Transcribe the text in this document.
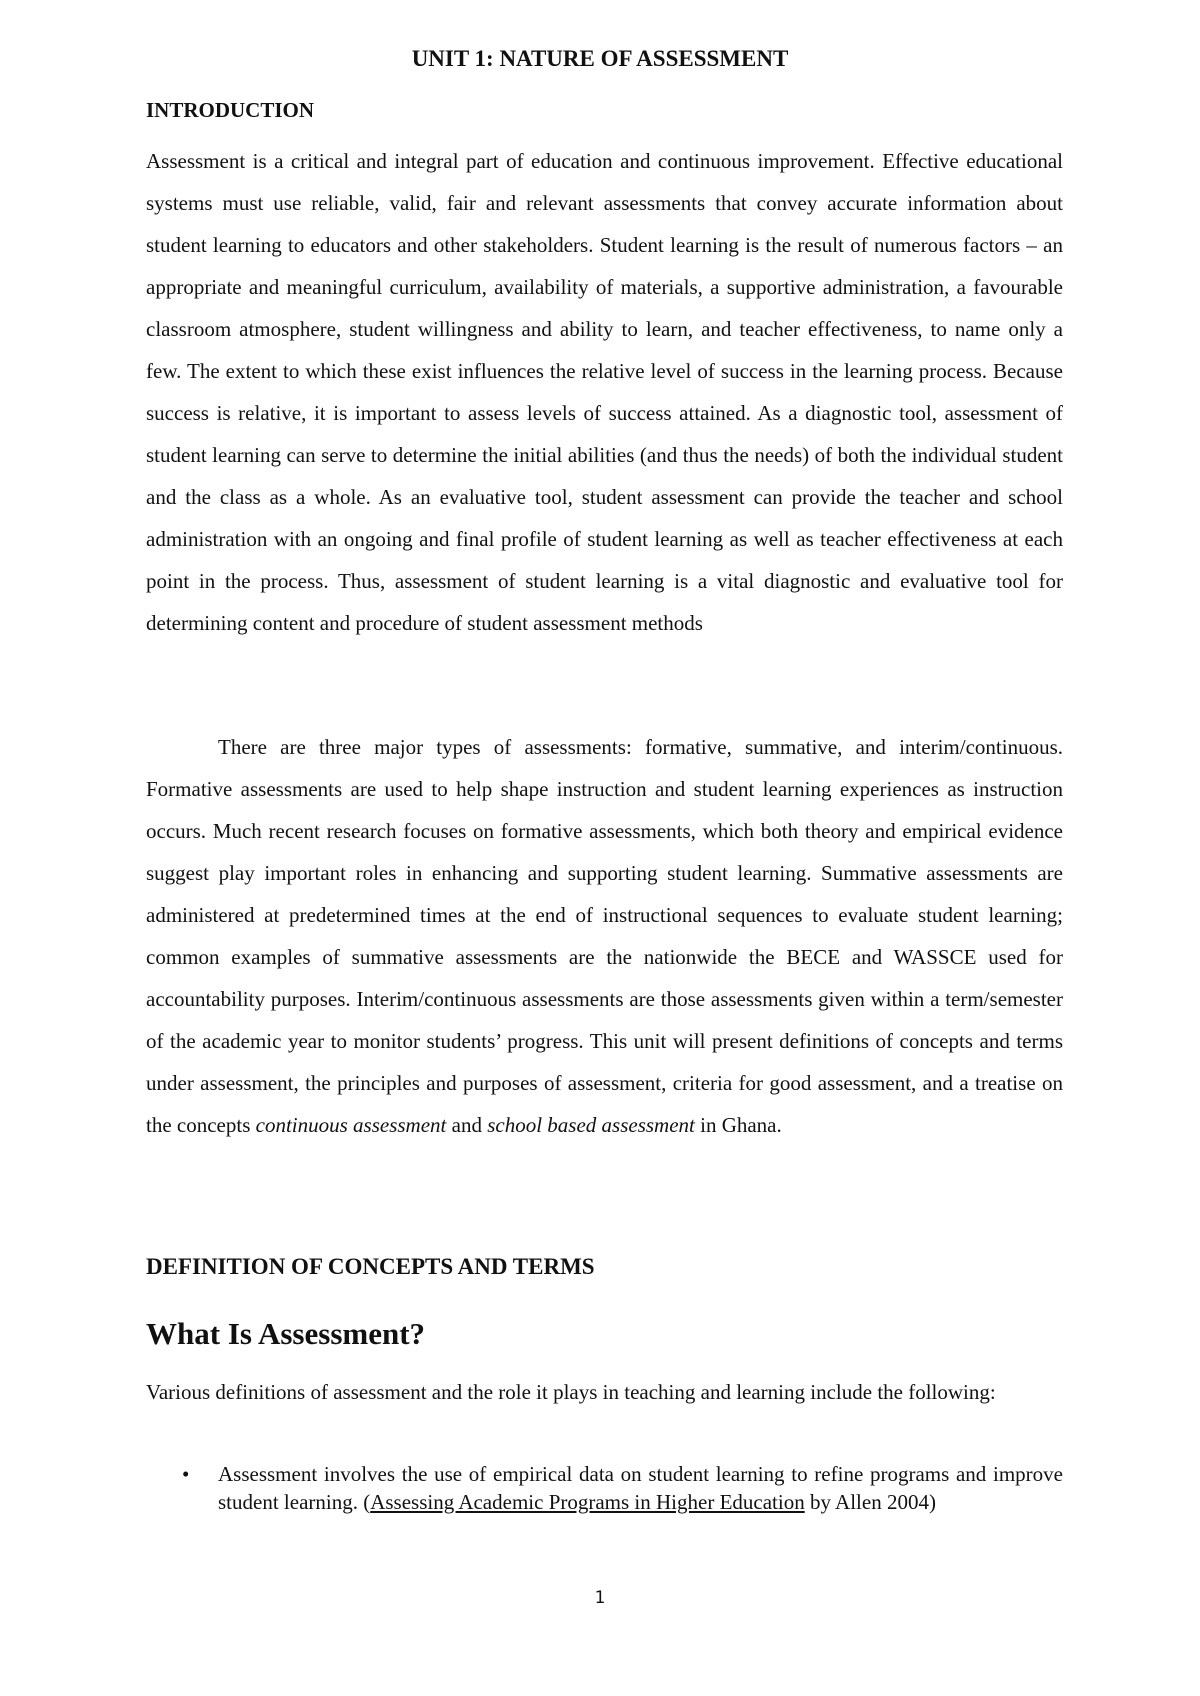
UNIT 1: NATURE OF ASSESSMENT
INTRODUCTION

Assessment is a critical and integral part of education and continuous improvement. Effective educational systems must use reliable, valid, fair and relevant assessments that convey accurate information about student learning to educators and other stakeholders. Student learning is the result of numerous factors – an appropriate and meaningful curriculum, availability of materials, a supportive administration, a favourable classroom atmosphere, student willingness and ability to learn, and teacher effectiveness, to name only a few. The extent to which these exist influences the relative level of success in the learning process. Because success is relative, it is important to assess levels of success attained. As a diagnostic tool, assessment of student learning can serve to determine the initial abilities (and thus the needs) of both the individual student and the class as a whole. As an evaluative tool, student assessment can provide the teacher and school administration with an ongoing and final profile of student learning as well as teacher effectiveness at each point in the process. Thus, assessment of student learning is a vital diagnostic and evaluative tool for determining content and procedure of student assessment methods

There are three major types of assessments: formative, summative, and interim/continuous. Formative assessments are used to help shape instruction and student learning experiences as instruction occurs. Much recent research focuses on formative assessments, which both theory and empirical evidence suggest play important roles in enhancing and supporting student learning. Summative assessments are administered at predetermined times at the end of instructional sequences to evaluate student learning; common examples of summative assessments are the nationwide the BECE and WASSCE used for accountability purposes. Interim/continuous assessments are those assessments given within a term/semester of the academic year to monitor students’ progress. This unit will present definitions of concepts and terms under assessment, the principles and purposes of assessment, criteria for good assessment, and a treatise on the concepts continuous assessment and school based assessment in Ghana.

DEFINITION OF CONCEPTS AND TERMS
What Is Assessment?

Various definitions of assessment and the role it plays in teaching and learning include the following:

• Assessment involves the use of empirical data on student learning to refine programs and improve student learning. (Assessing Academic Programs in Higher Education by Allen 2004)
1
